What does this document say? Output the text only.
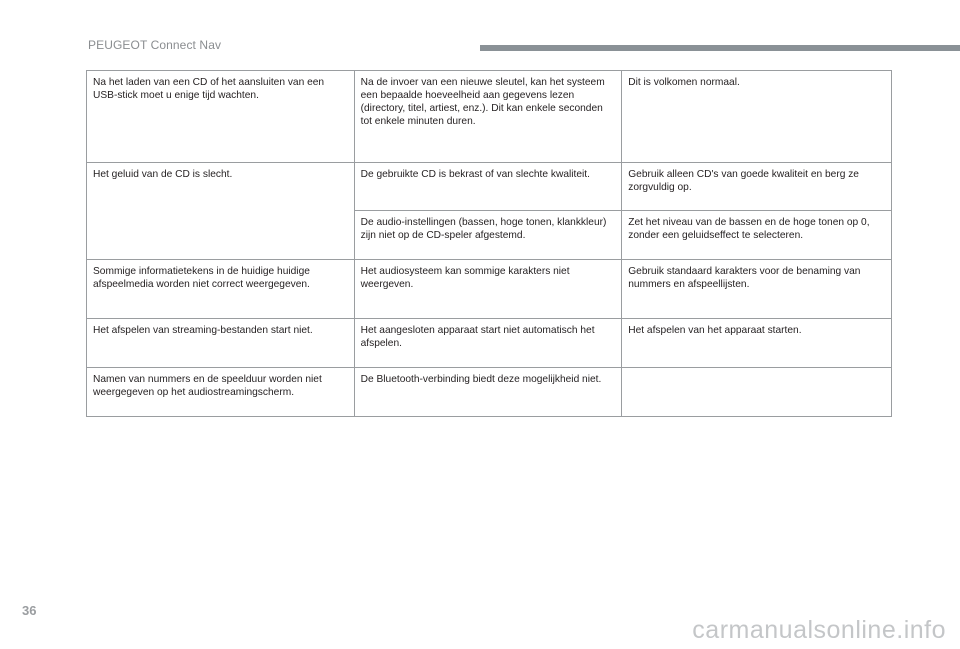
PEUGEOT Connect Nav
Na het laden van een CD of het aansluiten van een USB-stick moet u enige tijd wachten.	Na de invoer van een nieuwe sleutel, kan het systeem een bepaalde hoeveelheid aan gegevens lezen (directory, titel, artiest, enz.). Dit kan enkele seconden tot enkele minuten duren.	Dit is volkomen normaal.
Het geluid van de CD is slecht.	De gebruikte CD is bekrast of van slechte kwaliteit.	Gebruik alleen CD's van goede kwaliteit en berg ze zorgvuldig op.
	De audio-instellingen (bassen, hoge tonen, klankkleur) zijn niet op de CD-speler afgestemd.	Zet het niveau van de bassen en de hoge tonen op 0, zonder een geluidseffect te selecteren.
Sommige informatietekens in de huidige huidige afspeelmedia worden niet correct weergegeven.	Het audiosysteem kan sommige karakters niet weergeven.	Gebruik standaard karakters voor de benaming van nummers en afspeellijsten.
Het afspelen van streaming-bestanden start niet.	Het aangesloten apparaat start niet automatisch het afspelen.	Het afspelen van het apparaat starten.
Namen van nummers en de speelduur worden niet weergegeven op het audiostreamingscherm.	De Bluetooth-verbinding biedt deze mogelijkheid niet.	
36
carmanualsonline.info
